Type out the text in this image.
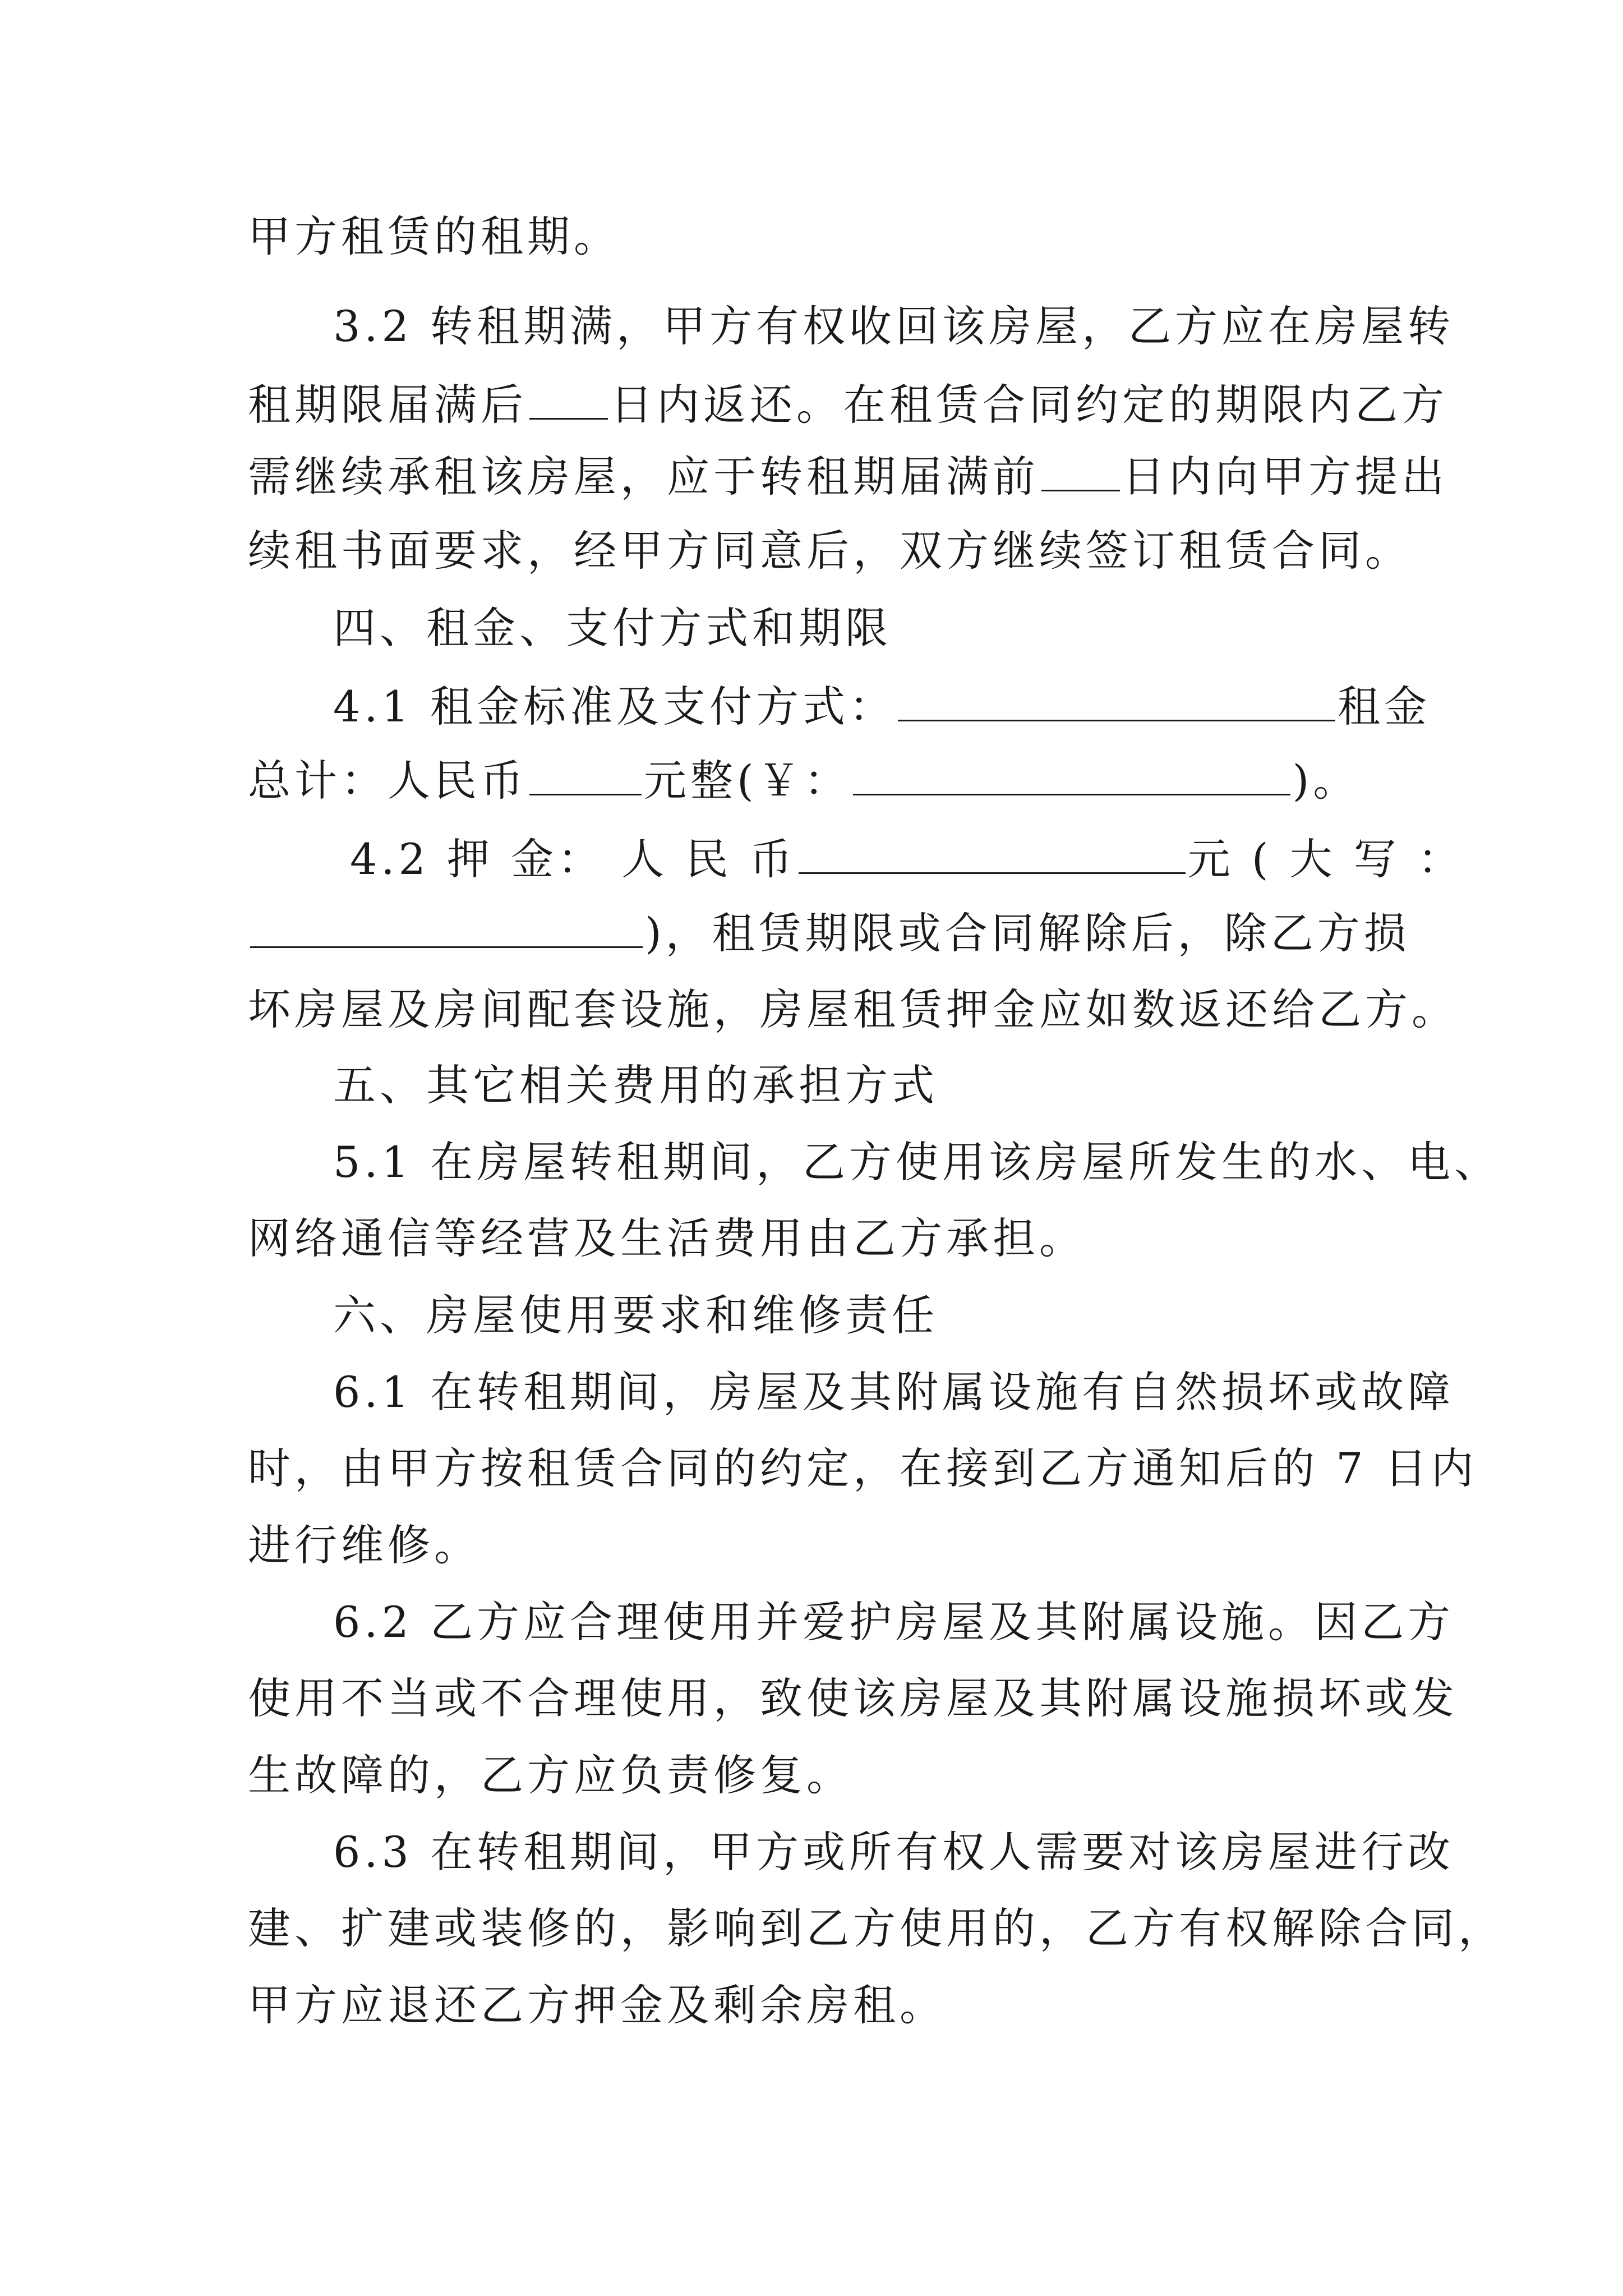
甲方租赁的租期。
3.2 转租期满，甲方有权收回该房屋，乙方应在房屋转
租期限届满后 日内返还。在租赁合同约定的期限内乙方
需继续承租该房屋，应于转租期届满前 日内向甲方提出
续租书面要求，经甲方同意后，双方继续签订租赁合同。
四、租金、支付方式和期限
4.1 租金标准及支付方式：	租金
总计：人民币	元整(￥：	)。
4.2 押 金： 人 民 币	元 ( 大 写 ：
)，租赁期限或合同解除后，除乙方损
坏房屋及房间配套设施，房屋租赁押金应如数返还给乙方。
五、其它相关费用的承担方式
5.1 在房屋转租期间，乙方使用该房屋所发生的水、电、
网络通信等经营及生活费用由乙方承担。
六、房屋使用要求和维修责任
6.1 在转租期间，房屋及其附属设施有自然损坏或故障
时，由甲方按租赁合同的约定，在接到乙方通知后的 7 日内
进行维修。
6.2 乙方应合理使用并爱护房屋及其附属设施。因乙方
使用不当或不合理使用，致使该房屋及其附属设施损坏或发
生故障的，乙方应负责修复。
6.3 在转租期间，甲方或所有权人需要对该房屋进行改
建、扩建或装修的，影响到乙方使用的，乙方有权解除合同，
甲方应退还乙方押金及剩余房租。
